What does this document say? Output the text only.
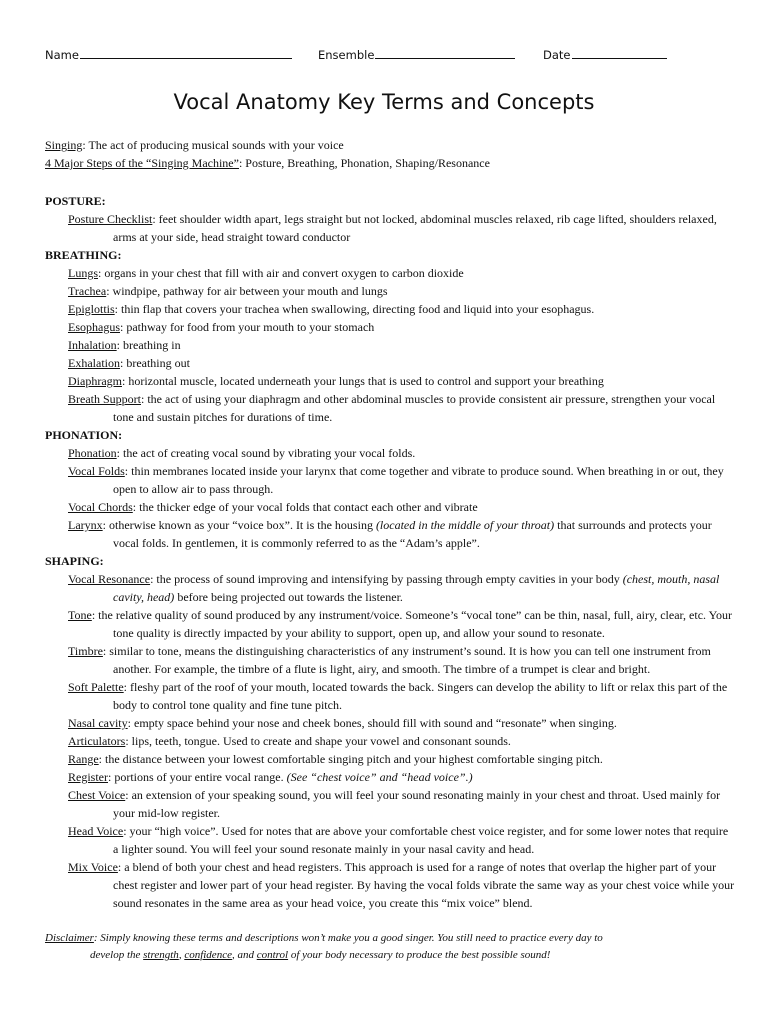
Name	Ensemble	Date
Vocal Anatomy Key Terms and Concepts
Singing: The act of producing musical sounds with your voice
4 Major Steps of the “Singing Machine”: Posture, Breathing, Phonation, Shaping/Resonance
POSTURE:
Posture Checklist: feet shoulder width apart, legs straight but not locked, abdominal muscles relaxed, rib cage lifted, shoulders relaxed, arms at your side, head straight toward conductor
BREATHING:
Lungs: organs in your chest that fill with air and convert oxygen to carbon dioxide
Trachea: windpipe, pathway for air between your mouth and lungs
Epiglottis: thin flap that covers your trachea when swallowing, directing food and liquid into your esophagus.
Esophagus: pathway for food from your mouth to your stomach
Inhalation: breathing in
Exhalation: breathing out
Diaphragm: horizontal muscle, located underneath your lungs that is used to control and support your breathing
Breath Support: the act of using your diaphragm and other abdominal muscles to provide consistent air pressure, strengthen your vocal tone and sustain pitches for durations of time.
PHONATION:
Phonation: the act of creating vocal sound by vibrating your vocal folds.
Vocal Folds: thin membranes located inside your larynx that come together and vibrate to produce sound. When breathing in or out, they open to allow air to pass through.
Vocal Chords: the thicker edge of your vocal folds that contact each other and vibrate
Larynx: otherwise known as your “voice box”. It is the housing (located in the middle of your throat) that surrounds and protects your vocal folds. In gentlemen, it is commonly referred to as the “Adam’s apple”.
SHAPING:
Vocal Resonance: the process of sound improving and intensifying by passing through empty cavities in your body (chest, mouth, nasal cavity, head) before being projected out towards the listener.
Tone: the relative quality of sound produced by any instrument/voice. Someone’s “vocal tone” can be thin, nasal, full, airy, clear, etc. Your tone quality is directly impacted by your ability to support, open up, and allow your sound to resonate.
Timbre: similar to tone, means the distinguishing characteristics of any instrument’s sound. It is how you can tell one instrument from another. For example, the timbre of a flute is light, airy, and smooth. The timbre of a trumpet is clear and bright.
Soft Palette: fleshy part of the roof of your mouth, located towards the back. Singers can develop the ability to lift or relax this part of the body to control tone quality and fine tune pitch.
Nasal cavity: empty space behind your nose and cheek bones, should fill with sound and “resonate” when singing.
Articulators: lips, teeth, tongue. Used to create and shape your vowel and consonant sounds.
Range: the distance between your lowest comfortable singing pitch and your highest comfortable singing pitch.
Register: portions of your entire vocal range. (See “chest voice” and “head voice”.)
Chest Voice: an extension of your speaking sound, you will feel your sound resonating mainly in your chest and throat. Used mainly for your mid-low register.
Head Voice: your “high voice”. Used for notes that are above your comfortable chest voice register, and for some lower notes that require a lighter sound. You will feel your sound resonate mainly in your nasal cavity and head.
Mix Voice: a blend of both your chest and head registers. This approach is used for a range of notes that overlap the higher part of your chest register and lower part of your head register. By having the vocal folds vibrate the same way as your chest voice while your sound resonates in the same area as your head voice, you create this “mix voice” blend.
Disclaimer: Simply knowing these terms and descriptions won’t make you a good singer. You still need to practice every day to
develop the strength, confidence, and control of your body necessary to produce the best possible sound!
